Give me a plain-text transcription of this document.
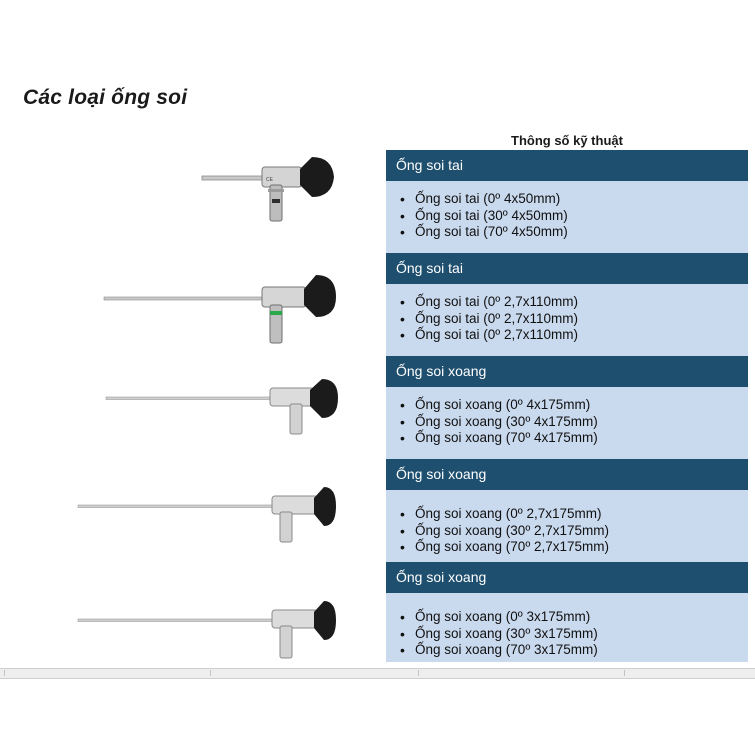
Các loại ống soi
CE
Thông số kỹ thuật
Ống soi tai
• Ống soi tai (0º 4x50mm)
• Ống soi tai (30º 4x50mm)
• Ống soi tai (70º 4x50mm)
Ống soi tai
• Ống soi tai (0º 2,7x110mm)
• Ống soi tai (0º 2,7x110mm)
• Ống soi tai (0º 2,7x110mm)
Ống soi xoang
• Ống soi xoang (0º 4x175mm)
• Ống soi xoang (30º 4x175mm)
• Ống soi xoang (70º 4x175mm)
Ống soi xoang
• Ống soi xoang (0º 2,7x175mm)
• Ống soi xoang (30º 2,7x175mm)
• Ống soi xoang (70º 2,7x175mm)
Ống soi xoang
• Ống soi xoang (0º 3x175mm)
• Ống soi xoang (30º 3x175mm)
• Ống soi xoang (70º 3x175mm)
